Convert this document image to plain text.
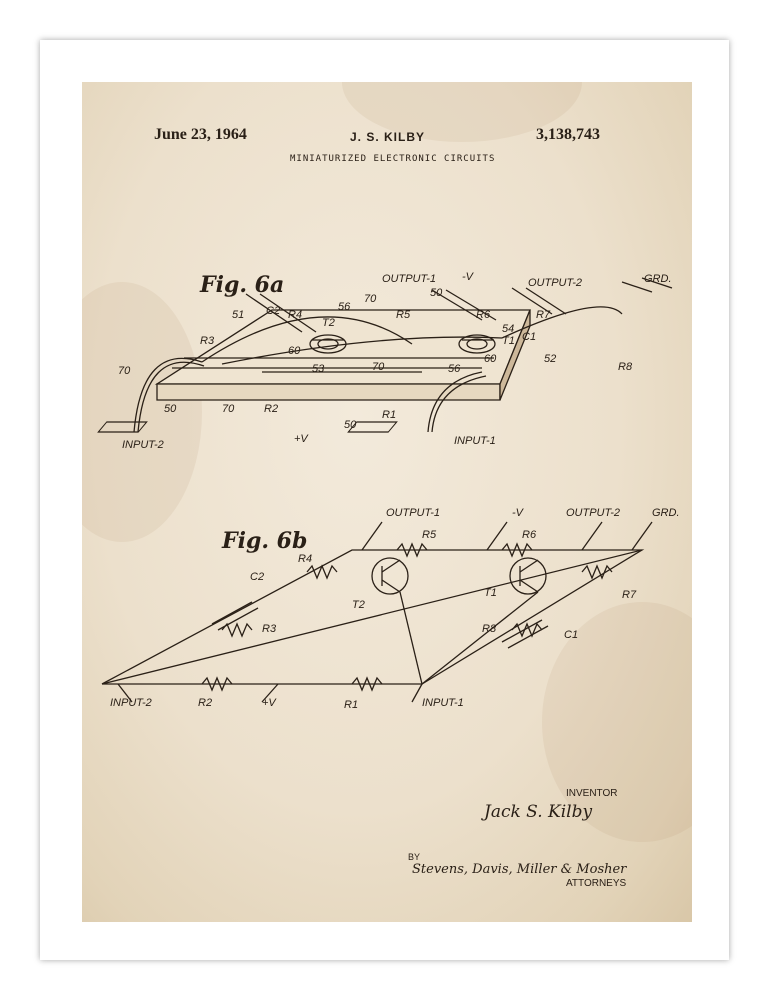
June 23, 1964	J. S. KILBY	3,138,743
MINIATURIZED ELECTRONIC CIRCUITS
Fig. 6a	OUTPUT-1 -V	OUTPUT-2	GRD.
C2 R4
T2
56
70
R5	R6	R7
50
51
R3
60
54
T1
60
C1
52
R8
70	53	70	56
70	R2	R1
50
INPUT-2	+V
50
INPUT-1
Fig. 6b
OUTPUT-1	-V	OUTPUT-2	GRD.
R5	R6
R4
C2
R3
T2
T1	R7
R8	C1
INPUT-2	R2	+V	R1	INPUT-1
INVENTOR
Jack S. Kilby
BY
Stevens, Davis, Miller & Mosher
ATTORNEYS
